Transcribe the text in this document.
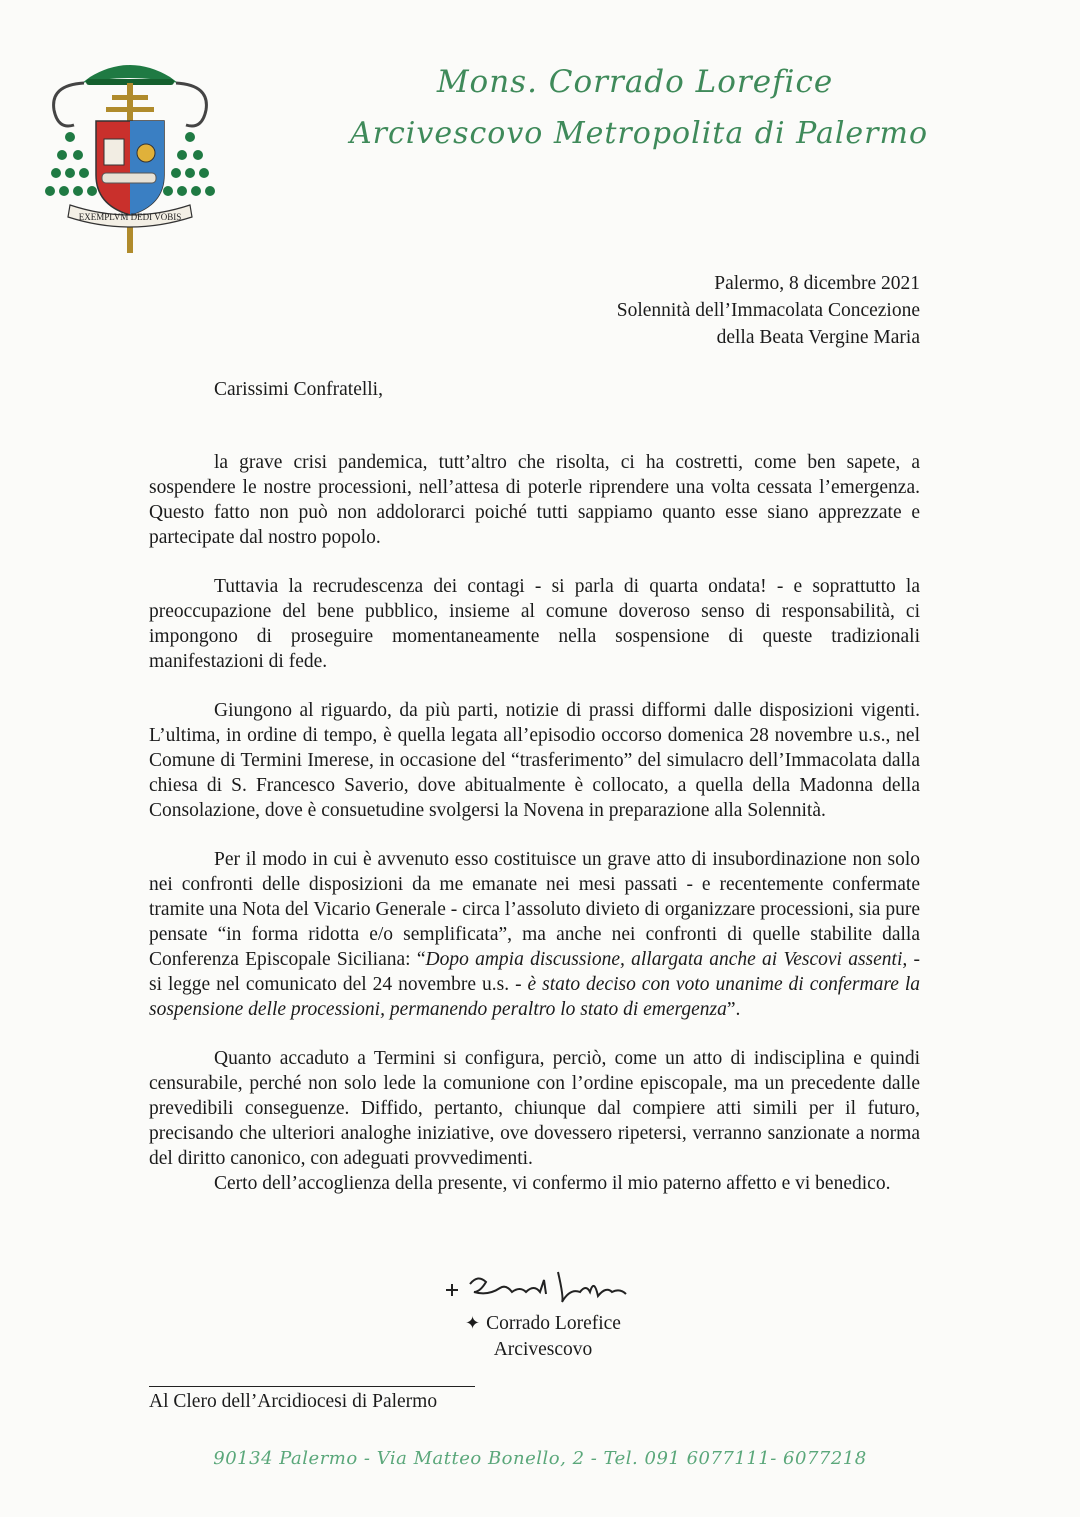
EXEMPLVM DEDI VOBIS
Mons. Corrado Lorefice
Arcivescovo Metropolita di Palermo
Palermo, 8 dicembre 2021
Solennità dell’Immacolata Concezione
della Beata Vergine Maria
Carissimi Confratelli,

la grave crisi pandemica, tutt’altro che risolta, ci ha costretti, come ben sapete, a sospendere le nostre processioni, nell’attesa di poterle riprendere una volta cessata l’emergenza. Questo fatto non può non addolorarci poiché tutti sappiamo quanto esse siano apprezzate e partecipate dal nostro popolo.

Tuttavia la recrudescenza dei contagi - si parla di quarta ondata! - e soprattutto la preoccupazione del bene pubblico, insieme al comune doveroso senso di responsabilità, ci impongono di proseguire momentaneamente nella sospensione di queste tradizionali manifestazioni di fede.

Giungono al riguardo, da più parti, notizie di prassi difformi dalle disposizioni vigenti. L’ultima, in ordine di tempo, è quella legata all’episodio occorso domenica 28 novembre u.s., nel Comune di Termini Imerese, in occasione del “trasferimento” del simulacro dell’Immacolata dalla chiesa di S. Francesco Saverio, dove abitualmente è collocato, a quella della Madonna della Consolazione, dove è consuetudine svolgersi la Novena in preparazione alla Solennità.

Per il modo in cui è avvenuto esso costituisce un grave atto di insubordinazione non solo nei confronti delle disposizioni da me emanate nei mesi passati - e recentemente confermate tramite una Nota del Vicario Generale - circa l’assoluto divieto di organizzare processioni, sia pure pensate “in forma ridotta e/o semplificata”, ma anche nei confronti di quelle stabilite dalla Conferenza Episcopale Siciliana: “Dopo ampia discussione, allargata anche ai Vescovi assenti, - si legge nel comunicato del 24 novembre u.s. - è stato deciso con voto unanime di confermare la sospensione delle processioni, permanendo peraltro lo stato di emergenza”.

Quanto accaduto a Termini si configura, perciò, come un atto di indisciplina e quindi censurabile, perché non solo lede la comunione con l’ordine episcopale, ma un precedente dalle prevedibili conseguenze. Diffido, pertanto, chiunque dal compiere atti simili per il futuro, precisando che ulteriori analoghe iniziative, ove dovessero ripetersi, verranno sanzionate a norma del diritto canonico, con adeguati provvedimenti.

Certo dell’accoglienza della presente, vi confermo il mio paterno affetto e vi benedico.

✦ Corrado Lorefice
Arcivescovo
Al Clero dell’Arcidiocesi di Palermo
90134 Palermo - Via Matteo Bonello, 2 - Tel. 091 6077111- 6077218
